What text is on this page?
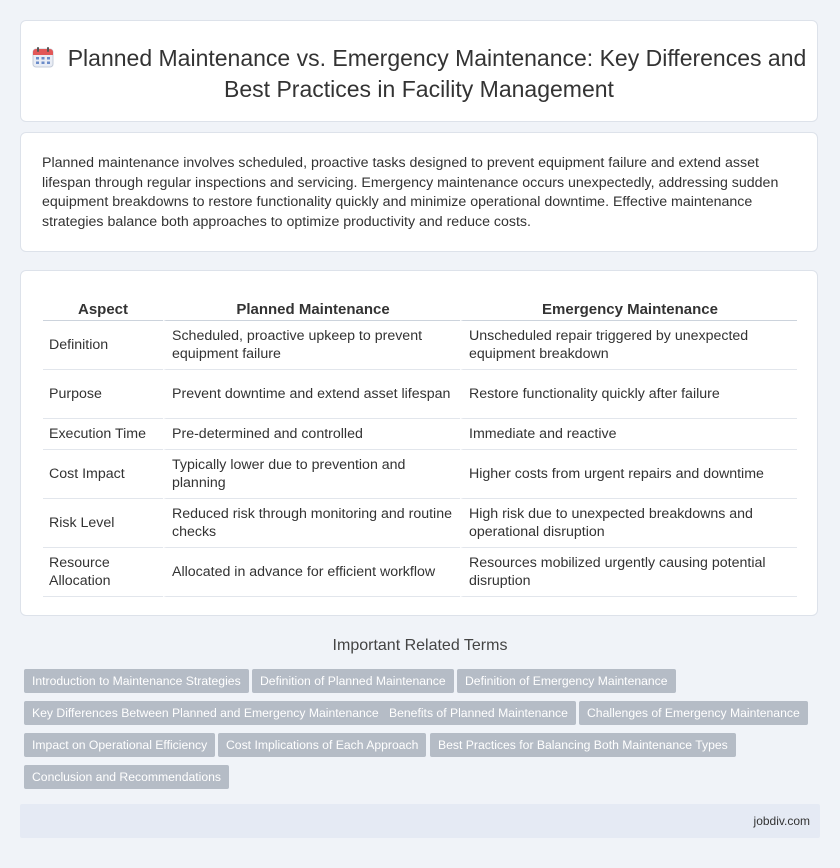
Planned Maintenance vs. Emergency Maintenance: Key Differences and Best Practices in Facility Management
Planned maintenance involves scheduled, proactive tasks designed to prevent equipment failure and extend asset lifespan through regular inspections and servicing. Emergency maintenance occurs unexpectedly, addressing sudden equipment breakdowns to restore functionality quickly and minimize operational downtime. Effective maintenance strategies balance both approaches to optimize productivity and reduce costs.
Aspect	Planned Maintenance	Emergency Maintenance
Definition	Scheduled, proactive upkeep to prevent equipment failure	Unscheduled repair triggered by unexpected equipment breakdown
Purpose	Prevent downtime and extend asset lifespan	Restore functionality quickly after failure
Execution Time	Pre-determined and controlled	Immediate and reactive
Cost Impact	Typically lower due to prevention and planning	Higher costs from urgent repairs and downtime
Risk Level	Reduced risk through monitoring and routine checks	High risk due to unexpected breakdowns and operational disruption
Resource Allocation	Allocated in advance for efficient workflow	Resources mobilized urgently causing potential disruption
Important Related Terms
Introduction to Maintenance Strategies	Definition of Planned Maintenance	Definition of Emergency Maintenance
Key Differences Between Planned and Emergency Maintenance Benefits of Planned Maintenance	Challenges of Emergency Maintenance
Impact on Operational Efficiency	Cost Implications of Each Approach	Best Practices for Balancing Both Maintenance Types
Conclusion and Recommendations
jobdiv.com
